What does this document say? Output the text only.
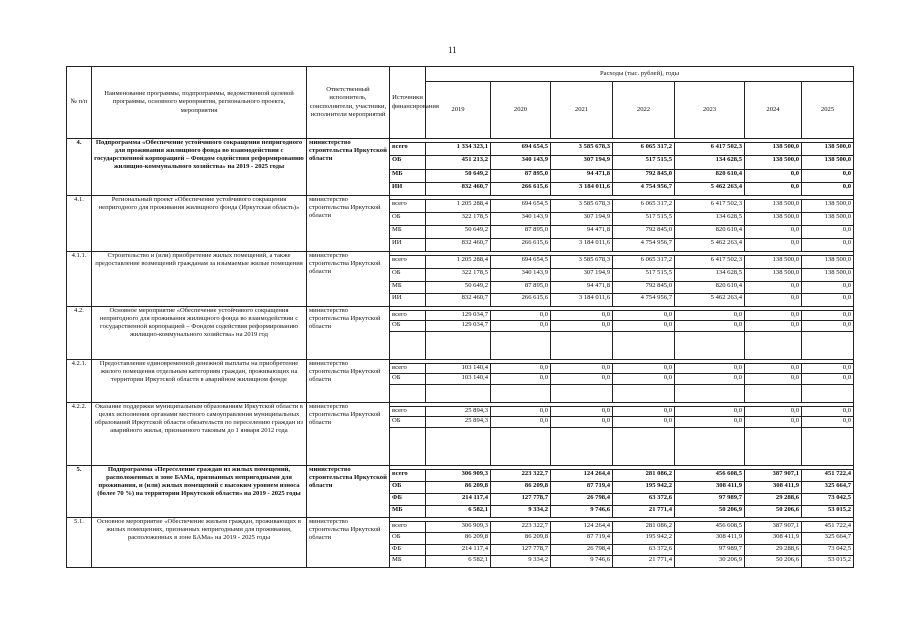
11
№ п/п	Наименование программы, подпрограммы, ведомственной целевой программы, основного мероприятия, региональногo проекта, мероприятия	Ответственный исполнитель, соисполнители, участники, исполнители мероприятий	Источники финансирования	Расходы (тыс. рублей), годы						
				2019	2020	2021	2022	2023	2024	2025
4.	Подпрограмма «Обеспечение устойчивого сокращения непригодного для проживания жилищного фонда во взаимодействии с государственной корпорацией – Фондом содействия реформированию жилищно-коммунального хозяйства» на 2019 - 2025 годы	министерство строительства Иркутской области								
			всего	1 334 323,1	694 654,5	3 585 678,3	6 065 317,2	6 417 502,3	138 500,0	138 500,0
			ОБ	451 213,2	340 143,9	307 194,9	517 515,5	134 628,5	138 500,0	138 500,0
			МБ	50 649,2	87 895,0	94 471,8	792 845,0	820 610,4	0,0	0,0
			ИИ	832 460,7	266 615,6	3 184 011,6	4 754 956,7	5 462 263,4	0,0	0,0
4.1.	Региональный проект «Обеспечение устойчивого сокращения непригодного для проживания жилищного фонда (Иркутская область)»	министерство строительства Иркутской области								
			всего	1 205 288,4	694 654,5	3 585 678,3	6 065 317,2	6 417 502,3	138 500,0	138 500,0
			ОБ	322 178,5	340 143,9	307 194,9	517 515,5	134 628,5	138 500,0	138 500,0
			МБ	50 649,2	87 895,0	94 471,8	792 845,0	820 610,4	0,0	0,0
			ИИ	832 460,7	266 615,6	3 184 011,6	4 754 956,7	5 462 263,4	0,0	0,0
4.1.1.	Строительство и (или) приобретение жилых помещений, а также предоставление возмещений гражданам за изымаемые жилые помещения	министерство строительства Иркутской области								
			всего	1 205 288,4	694 654,5	3 585 678,3	6 065 317,2	6 417 502,3	138 500,0	138 500,0
			ОБ	322 178,5	340 143,9	307 194,9	517 515,5	134 628,5	138 500,0	138 500,0
			МБ	50 649,2	87 895,0	94 471,8	792 845,0	820 610,4	0,0	0,0
			ИИ	832 460,7	266 615,6	3 184 011,6	4 754 956,7	5 462 263,4	0,0	0,0
4.2.	Основное мероприятие «Обеспечение устойчивого сокращения непригодного для проживания жилищного фонда во взаимодействии с государственной корпорацией – Фондом содействия реформированию жилищно-коммунального хозяйства» на 2019 год	министерство строительства Иркутской области								
			всего	129 034,7	0,0	0,0	0,0	0,0	0,0	0,0
			ОБ	129 034,7	0,0	0,0	0,0	0,0	0,0	0,0

4.2.1.	Предоставление единовременной денежной выплаты на приобретение жилого помещения отдельным категориям граждан, проживающих на территории Иркутской области в аварийном жилищном фонде	министерство строительства Иркутской области								
			всего	103 140,4	0,0	0,0	0,0	0,0	0,0	0,0
			ОБ	103 140,4	0,0	0,0	0,0	0,0	0,0	0,0

4.2.2.	Оказание поддержки муниципальным образованиям Иркутской области в целях исполнения органами местного самоуправления муниципальных образований Иркутской области обязательств по переселению граждан из аварийного жилья, признанного таковым до 1 января 2012 года	министерство строительства Иркутской области								
			всего	25 894,3	0,0	0,0	0,0	0,0	0,0	0,0
			ОБ	25 894,3	0,0	0,0	0,0	0,0	0,0	0,0

5.	Подпрограмма «Переселение граждан из жилых помещений, расположенных в зоне БАМа, признанных непригодными для проживания, и (или) жилых помещений с высоким уровнем износа (более 70 %) на территории Иркутской области» на 2019 - 2025 годы	министерство строительства Иркутской области								
			всего	306 909,3	223 322,7	124 264,4	281 086,2	456 608,5	387 907,1	451 722,4
			ОБ	86 209,8	86 209,8	87 719,4	195 942,2	308 411,9	308 411,9	325 664,7
			ФБ	214 117,4	127 778,7	26 798,4	63 372,6	97 989,7	29 288,6	73 042,5
			МБ	6 582,1	9 334,2	9 746,6	21 771,4	50 206,9	50 206,6	53 015,2
5.1.	Основное мероприятие «Обеспечение жильем граждан, проживающих в жилых помещениях, признанных непригодными для проживания, расположенных в зоне БАМа» на 2019 - 2025 годы	министерство строительства Иркутской области								
			всего	306 909,3	223 322,7	124 264,4	281 086,2	456 608,5	387 907,1	451 722,4
			ОБ	86 209,8	86 209,8	87 719,4	195 942,2	308 411,9	308 411,9	325 664,7
			ФБ	214 117,4	127 778,7	26 798,4	63 372,6	97 989,7	29 288,6	73 042,5
			МБ	6 582,1	9 334,2	9 746,6	21 771,4	30 206,9	50 206,6	53 015,2
